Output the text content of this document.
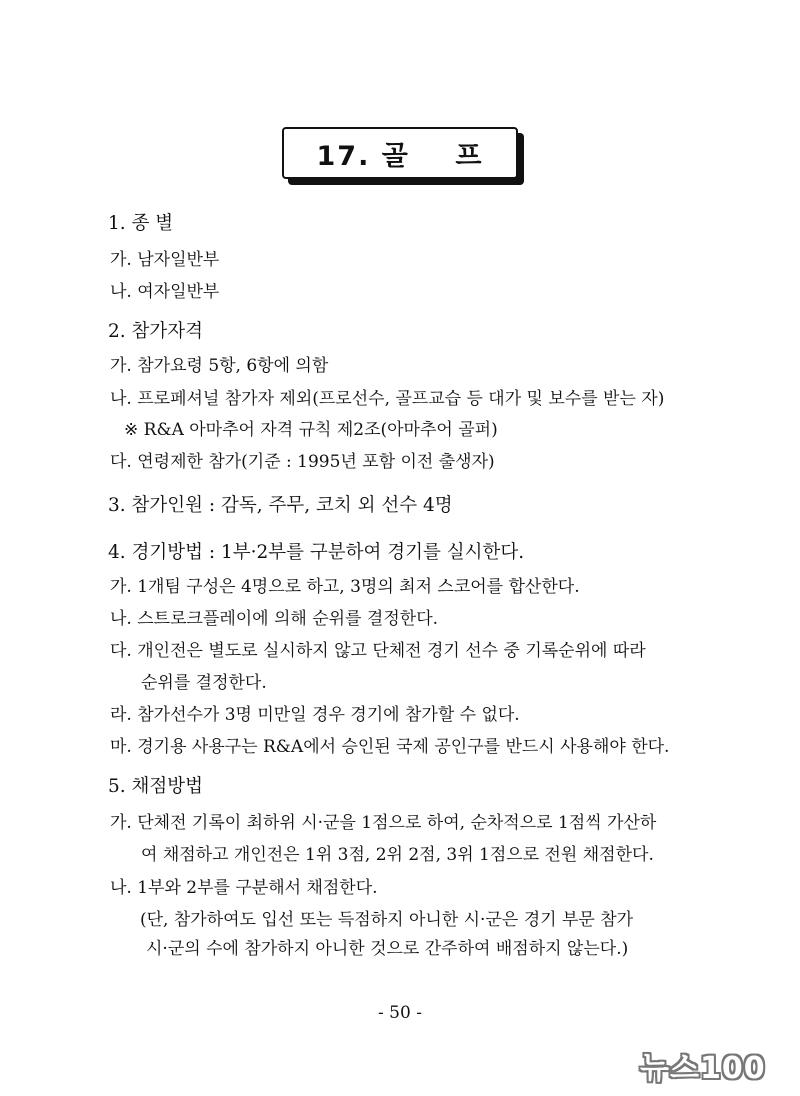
17. 골    프
1. 종 별
가. 남자일반부
나. 여자일반부
2. 참가자격
가. 참가요령 5항, 6항에 의함
나. 프로페셔널 참가자 제외(프로선수, 골프교습 등 대가 및 보수를 받는 자)
※ R&A 아마추어 자격 규칙 제2조(아마추어 골퍼)
다. 연령제한 참가(기준 : 1995년 포함 이전 출생자)
3. 참가인원 : 감독, 주무, 코치 외 선수 4명
4. 경기방법 : 1부·2부를 구분하여 경기를 실시한다.
가. 1개팀 구성은 4명으로 하고, 3명의 최저 스코어를 합산한다.
나. 스트로크플레이에 의해 순위를 결정한다.
다. 개인전은 별도로 실시하지 않고 단체전 경기 선수 중 기록순위에 따라
순위를 결정한다.
라. 참가선수가 3명 미만일 경우 경기에 참가할 수 없다.
마. 경기용 사용구는 R&A에서 승인된 국제 공인구를 반드시 사용해야 한다.
5. 채점방법
가. 단체전 기록이 최하위 시·군을 1점으로 하여, 순차적으로 1점씩 가산하
여 채점하고 개인전은 1위 3점, 2위 2점, 3위 1점으로 전원 채점한다.
나. 1부와 2부를 구분해서 채점한다.
(단, 참가하여도 입선 또는 득점하지 아니한 시·군은 경기 부문 참가
시·군의 수에 참가하지 아니한 것으로 간주하여 배점하지 않는다.)
- 50 -
뉴스100
